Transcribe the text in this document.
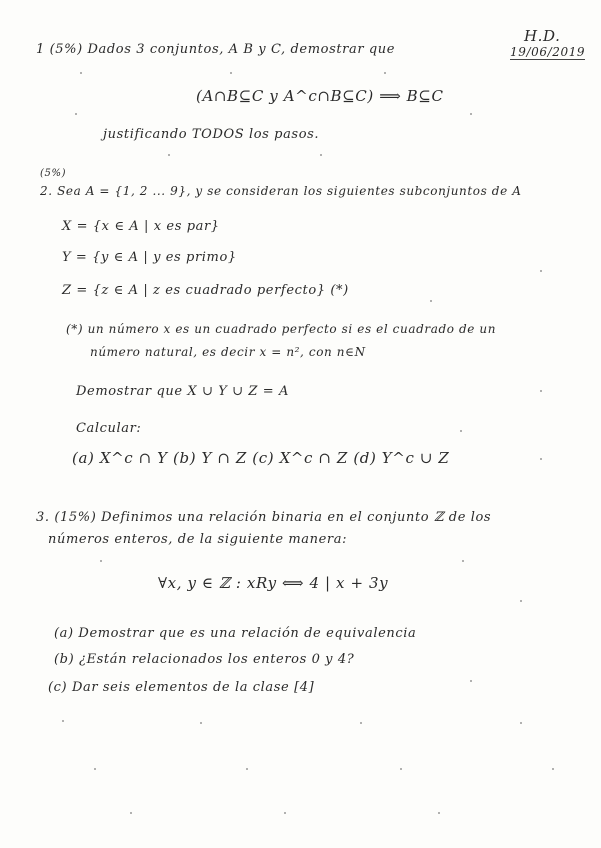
H.D.
19/06/2019
1 (5%) Dados 3 conjuntos, A B y C, demostrar que
(A∩B⊆C y A^c∩B⊆C) ⟹ B⊆C
justificando TODOS los pasos.
(5%)
2. Sea A = {1, 2 ... 9}, y se consideran los siguientes subconjuntos de A
X = {x ∈ A | x es par}
Y = {y ∈ A | y es primo}
Z = {z ∈ A | z es cuadrado perfecto} (*)
(*) un número x es un cuadrado perfecto si es el cuadrado de un
número natural, es decir x = n², con n∈N
Demostrar que X ∪ Y ∪ Z = A
Calcular:
(a) X^c ∩ Y (b) Y ∩ Z (c) X^c ∩ Z (d) Y^c ∪ Z
3. (15%) Definimos una relación binaria en el conjunto ℤ de los
números enteros, de la siguiente manera:
∀x, y ∈ ℤ : xRy ⟺ 4 | x + 3y
(a) Demostrar que es una relación de equivalencia
(b) ¿Están relacionados los enteros 0 y 4?
(c) Dar seis elementos de la clase [4]
